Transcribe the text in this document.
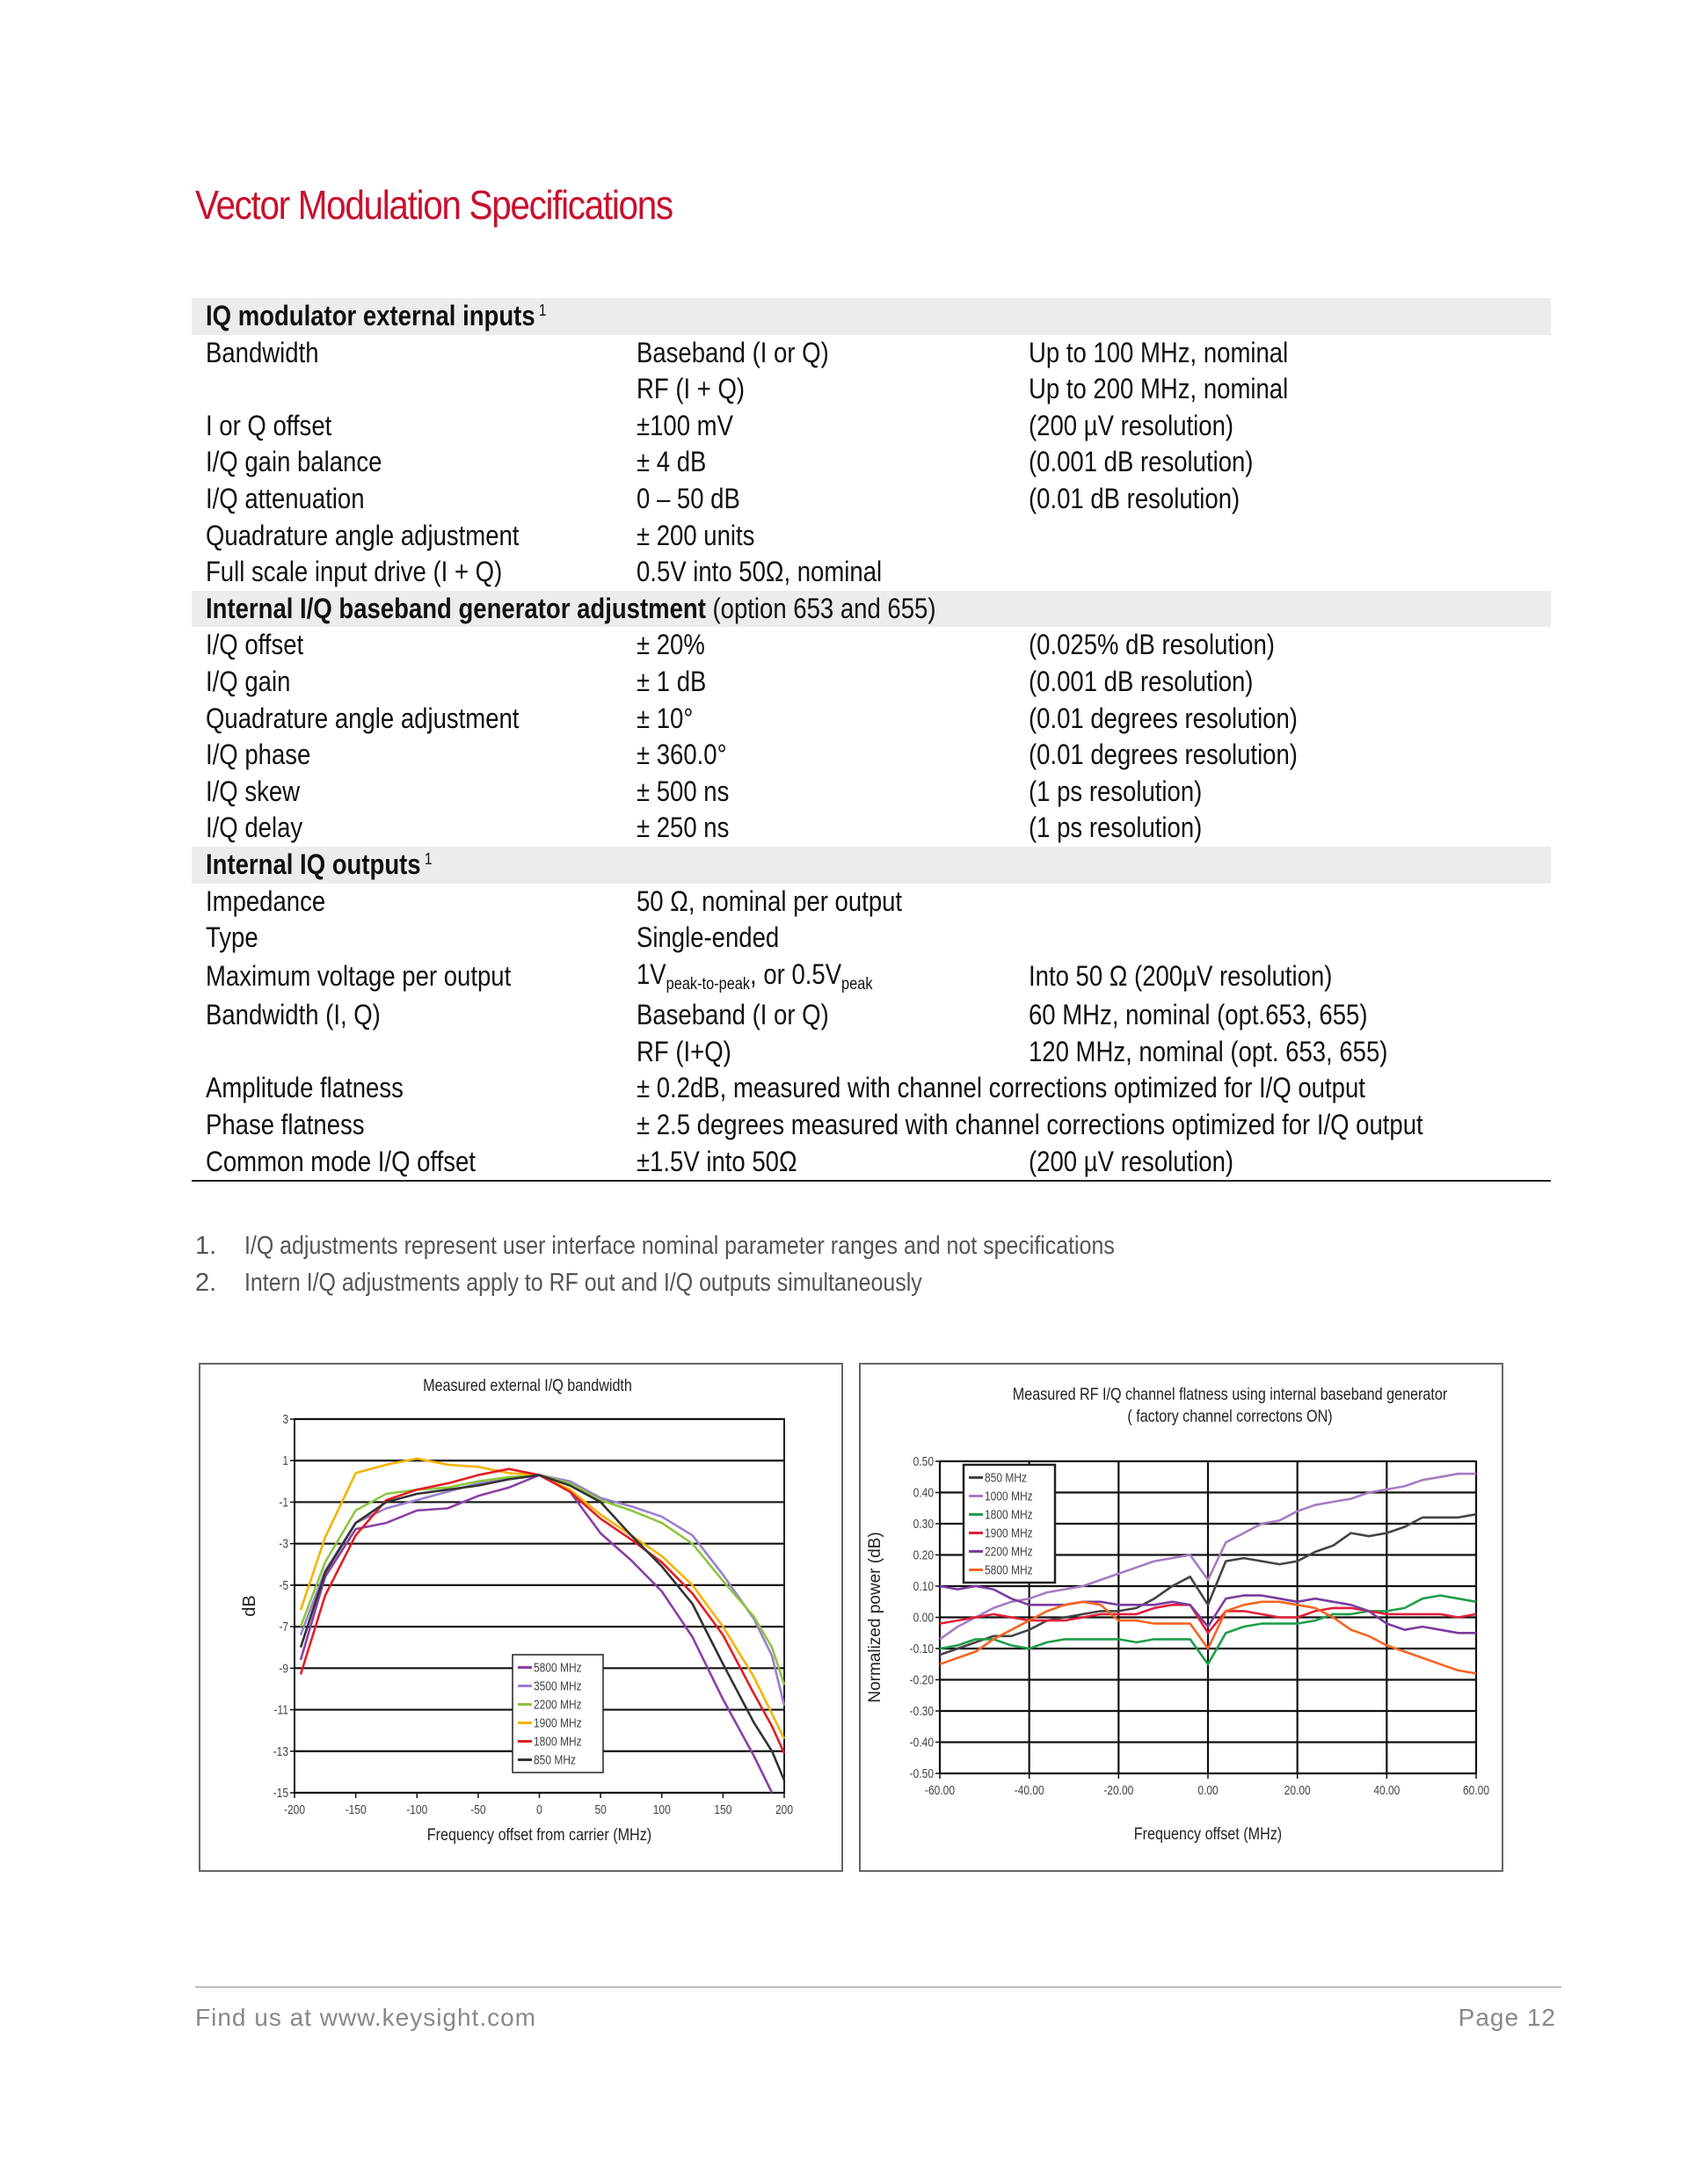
Vector Modulation Specifications
IQ modulator external inputs $^1$
Bandwidth	Baseband (I or Q)	Up to 100 MHz, nominal
	RF (I + Q)	Up to 200 MHz, nominal
I or Q offset	±100 mV	(200 µV resolution)
I/Q gain balance	± 4 dB	(0.001 dB resolution)
I/Q attenuation	0 – 50 dB	(0.01 dB resolution)
Quadrature angle adjustment	± 200 units	
Full scale input drive (I + Q)	0.5V into 50Ω, nominal	
Internal I/Q baseband generator adjustment (option 653 and 655)		
I/Q offset	± 20%	(0.025% dB resolution)
I/Q gain	± 1 dB	(0.001 dB resolution)
Quadrature angle adjustment	± 10°	(0.01 degrees resolution)
I/Q phase	± 360.0°	(0.01 degrees resolution)
I/Q skew	± 500 ns	(1 ps resolution)
I/Q delay	± 250 ns	(1 ps resolution)
Internal IQ outputs $^1$
Impedance	50 Ω, nominal per output	
Type	Single-ended	
Maximum voltage per output	$1V_{peak-to-peak}$, or $0.5V_{peak}$	Into 50 Ω (200µV resolution)
Bandwidth (I, Q)	Baseband (I or Q)	60 MHz, nominal (opt.653, 655)
	RF (I+Q)	120 MHz, nominal (opt. 653, 655)
Amplitude flatness	± 0.2dB, measured with channel corrections optimized for I/Q output	
Phase flatness	± 2.5 degrees measured with channel corrections optimized for I/Q output	
Common mode I/Q offset	±1.5V into 50Ω	(200 µV resolution)
1. I/Q adjustments represent user interface nominal parameter ranges and not specifications
2. Intern I/Q adjustments apply to RF out and I/Q outputs simultaneously
Measured external I/Q bandwidth
3
1
-1
-3
-5
-7
-9
-11
-13
-15
-200	-150	-100	-50	0	50	100	150	200
Frequency offset from carrier (MHz)
dB
5800 MHz
3500 MHz
2200 MHz
1900 MHz
1800 MHz
850 MHz
Measured RF I/Q channel flatness using internal baseband generator
( factory channel correctons ON)
0.50
0.40
0.30
0.20
0.10
0.00
-0.10
-0.20
-0.30
-0.40
-0.50
-60.00	-40.00	-20.00	0.00	20.00	40.00	60.00
Frequency offset (MHz)
Normalized power (dB)
850 MHz
1000 MHz
1800 MHz
1900 MHz
2200 MHz
5800 MHz
Find us at www.keysight.com	Page 12
